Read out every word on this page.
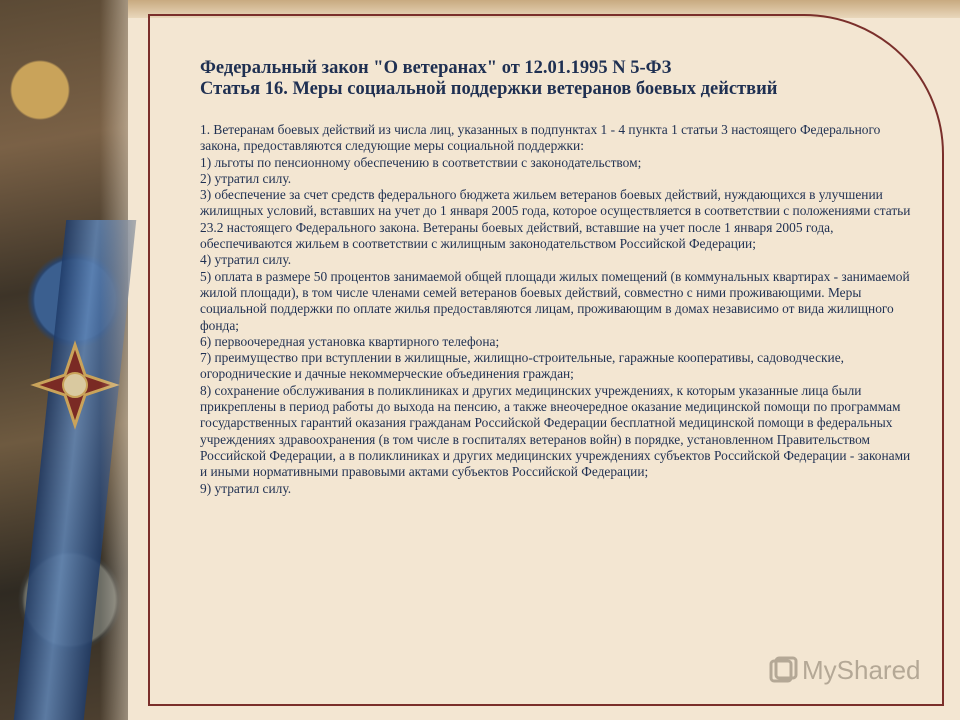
Федеральный закон "О ветеранах" от 12.01.1995 N 5-ФЗ
Статья 16. Меры социальной поддержки ветеранов боевых действий

1. Ветеранам боевых действий из числа лиц, указанных в подпунктах 1 - 4 пункта 1 статьи 3 настоящего Федерального закона, предоставляются следующие меры социальной поддержки:

1) льготы по пенсионному обеспечению в соответствии с законодательством;

2) утратил силу.

3) обеспечение за счет средств федерального бюджета жильем ветеранов боевых действий, нуждающихся в улучшении жилищных условий, вставших на учет до 1 января 2005 года, которое осуществляется в соответствии с положениями статьи 23.2 настоящего Федерального закона. Ветераны боевых действий, вставшие на учет после 1 января 2005 года, обеспечиваются жильем в соответствии с жилищным законодательством Российской Федерации;

4) утратил силу.

5) оплата в размере 50 процентов занимаемой общей площади жилых помещений (в коммунальных квартирах - занимаемой жилой площади), в том числе членами семей ветеранов боевых действий, совместно с ними проживающими. Меры социальной поддержки по оплате жилья предоставляются лицам, проживающим в домах независимо от вида жилищного фонда;

6) первоочередная установка квартирного телефона;

7) преимущество при вступлении в жилищные, жилищно-строительные, гаражные кооперативы, садоводческие, огороднические и дачные некоммерческие объединения граждан;

8) сохранение обслуживания в поликлиниках и других медицинских учреждениях, к которым указанные лица были прикреплены в период работы до выхода на пенсию, а также внеочередное оказание медицинской помощи по программам государственных гарантий оказания гражданам Российской Федерации бесплатной медицинской помощи в федеральных учреждениях здравоохранения (в том числе в госпиталях ветеранов войн) в порядке, установленном Правительством Российской Федерации, а в поликлиниках и других медицинских учреждениях субъектов Российской Федерации - законами и иными нормативными правовыми актами субъектов Российской Федерации;

9) утратил силу.

MyShared
